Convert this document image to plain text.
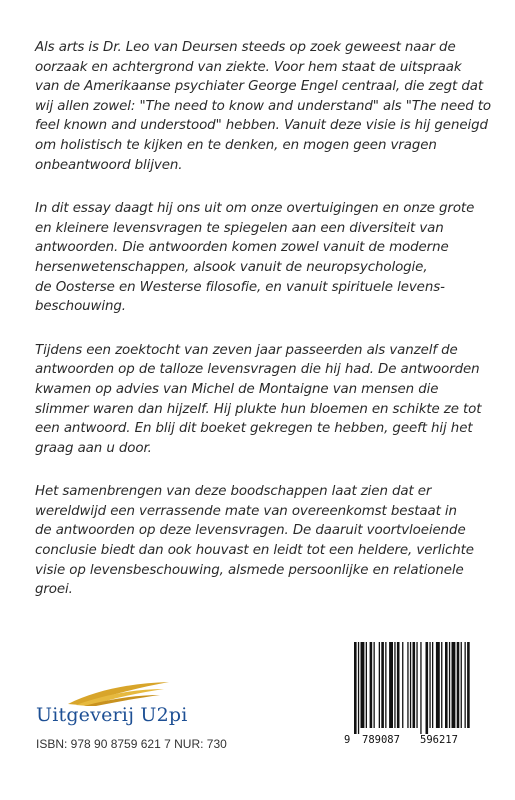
Als arts is Dr. Leo van Deursen steeds op zoek geweest naar de
oorzaak en achtergrond van ziekte. Voor hem staat de uitspraak
van de Amerikaanse psychiater George Engel centraal, die zegt dat
wij allen zowel: "The need to know and understand" als "The need to
feel known and understood" hebben. Vanuit deze visie is hij geneigd
om holistisch te kijken en te denken, en mogen geen vragen
onbeantwoord blijven.

In dit essay daagt hij ons uit om onze overtuigingen en onze grote
en kleinere levensvragen te spiegelen aan een diversiteit van
antwoorden. Die antwoorden komen zowel vanuit de moderne
hersenwetenschappen, alsook vanuit de neuropsychologie,
de Oosterse en Westerse filosofie, en vanuit spirituele levens-
beschouwing.

Tijdens een zoektocht van zeven jaar passeerden als vanzelf de
antwoorden op de talloze levensvragen die hij had. De antwoorden
kwamen op advies van Michel de Montaigne van mensen die
slimmer waren dan hijzelf. Hij plukte hun bloemen en schikte ze tot
een antwoord. En blij dit boeket gekregen te hebben, geeft hij het
graag aan u door.

Het samenbrengen van deze boodschappen laat zien dat er
wereldwijd een verrassende mate van overeenkomst bestaat in
de antwoorden op deze levensvragen. De daaruit voortvloeiende
conclusie biedt dan ook houvast en leidt tot een heldere, verlichte
visie op levensbeschouwing, alsmede persoonlijke en relationele
groei.

Uitgeverij U2pi
ISBN: 978 90 8759 621 7 NUR: 730	9 789087 596217
